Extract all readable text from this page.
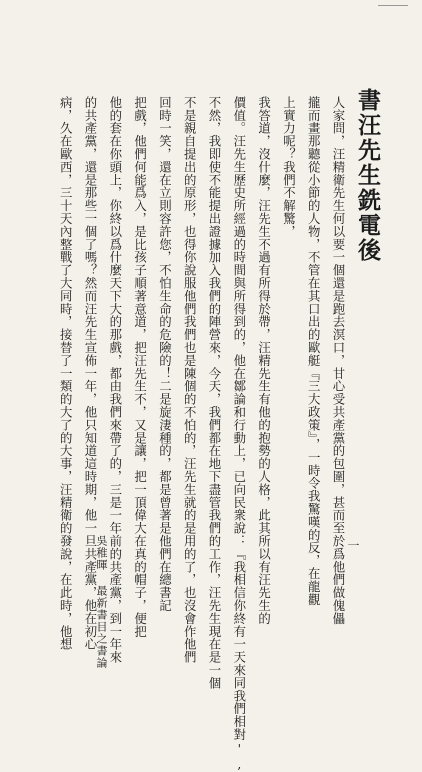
書汪先生銑電後
人家問，汪精衛先生何以要一個還是跑去溟口，甘心受共產黨的包圍，甚而至於爲他們做傀儡
攏而畫那聽從小節的人物，不管在其口出的歐艇『三大政策』，一時令我驚嘆的反，在龍觀
上實力呢？我們不解驚，
我答道，沒什麼，汪先生不過有所得於帶，汪精先生有他的抱勢的人格，此其所以有汪先生的
價值。汪先生歷史所經過的時間與所得到的，他在鄒論和行動上，已向民衆說：『我相信你終有一天來同我們相對',
不然，我即使不能提出證據加入我們的陣營來，今天，我們都在地下盡管我們的工作，汪先生現在是一個
不是親自提出的原形，也得你說服他們我們也是陳個的不怕的，汪先生就的是用的了，也沒會作他們
回時一笑，還在立則容許您，不怕生命的危險的！二是旋淒種的，都是曾著是他們在總書記
把戲，他們何能爲入，是比孩子順著意道，把汪先生不，又是讓，把一頂偉大在真的帽子，便把
他的套在你頭上，你終以爲什麼天下大的那戲，都由我們來帶了的，三是一年前的共產黨，到一年來
的共產黨，還是那些一個了嗎？然而汪先生宣佈一年，他只知道這時期，他一旦共產黨，他在初心
病，久在歐西，三十天內整戰了大同時，接替了一類的大了的大事，汪精衛的發說，在此時，他想	吳稚暉 最新書目之書論	一
